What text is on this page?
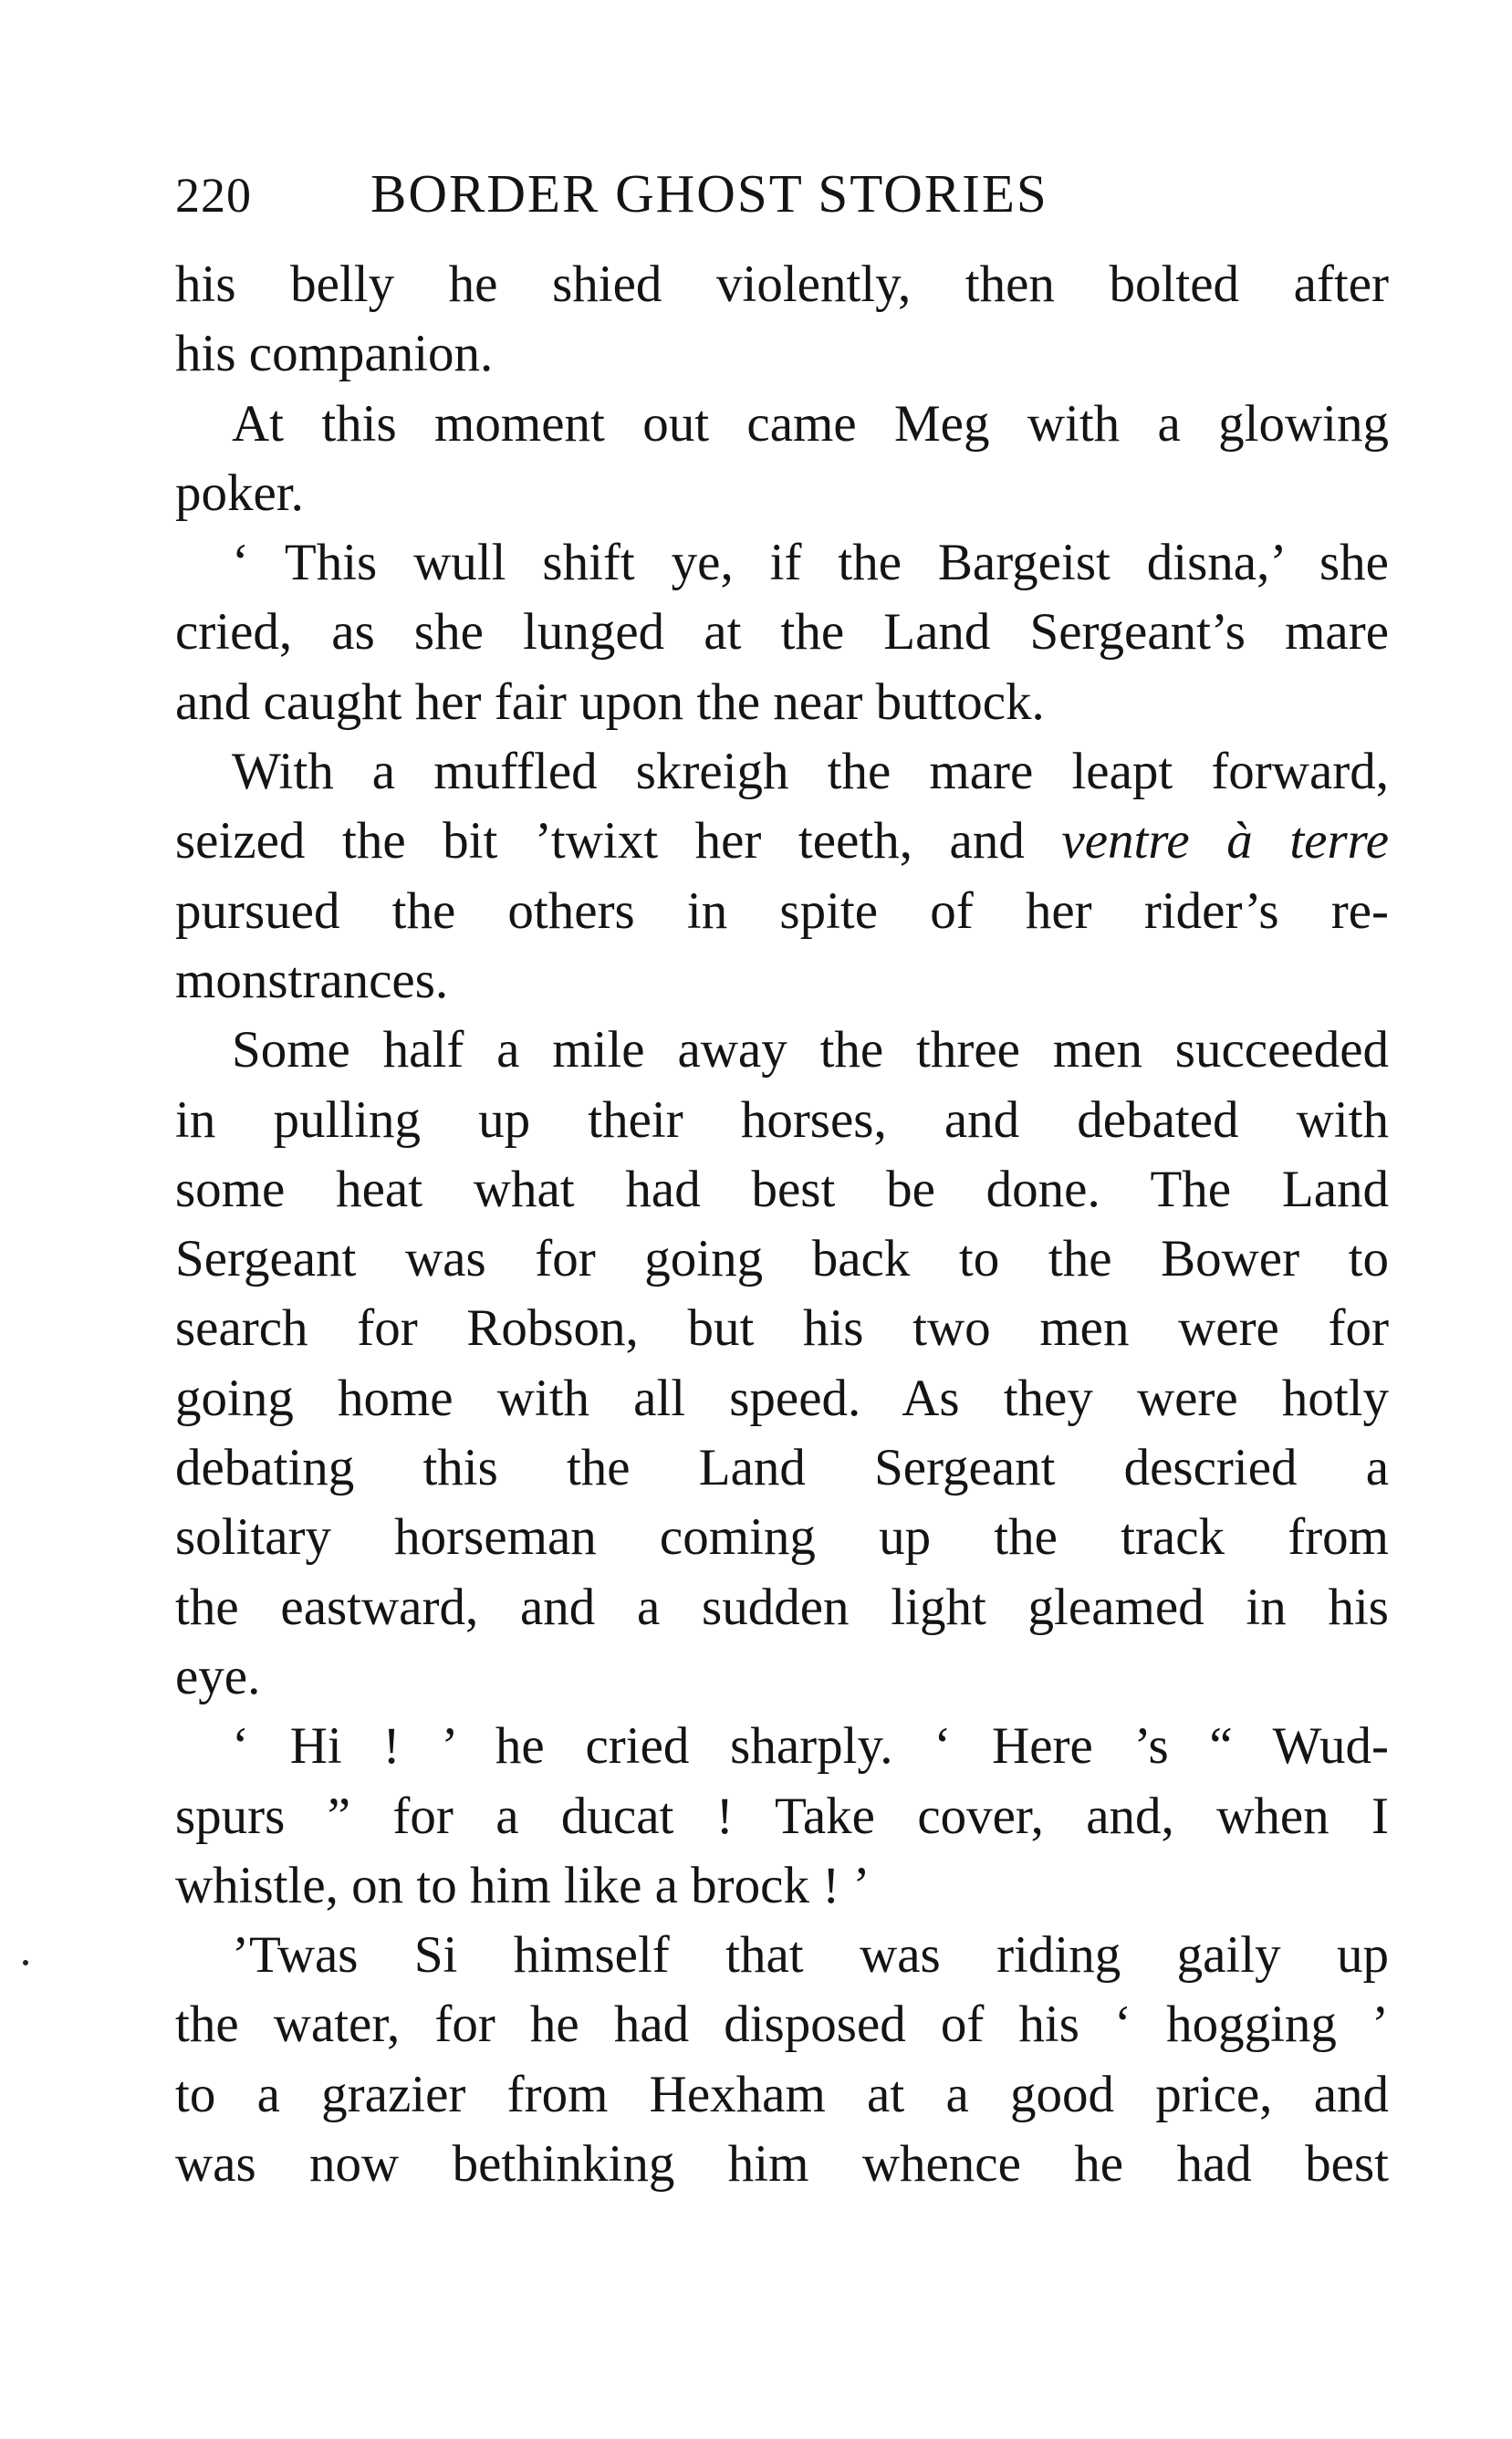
220	BORDER GHOST STORIES
his belly he shied violently, then bolted after
his companion.
At this moment out came Meg with a glowing
poker.
‘ This wull shift ye, if the Bargeist disna,’ she
cried, as she lunged at the Land Sergeant’s mare
and caught her fair upon the near buttock.
With a muffled skreigh the mare leapt forward,
seized the bit ’twixt her teeth, and ventre à terre
pursued the others in spite of her rider’s re-
monstrances.
Some half a mile away the three men succeeded
in pulling up their horses, and debated with
some heat what had best be done. The Land
Sergeant was for going back to the Bower to
search for Robson, but his two men were for
going home with all speed. As they were hotly
debating this the Land Sergeant descried a
solitary horseman coming up the track from
the eastward, and a sudden light gleamed in his
eye.
‘ Hi ! ’ he cried sharply. ‘ Here ’s “ Wud-
spurs ” for a ducat ! Take cover, and, when I
whistle, on to him like a brock ! ’
’Twas Si himself that was riding gaily up
the water, for he had disposed of his ‘ hogging ’
to a grazier from Hexham at a good price, and
was now bethinking him whence he had best
